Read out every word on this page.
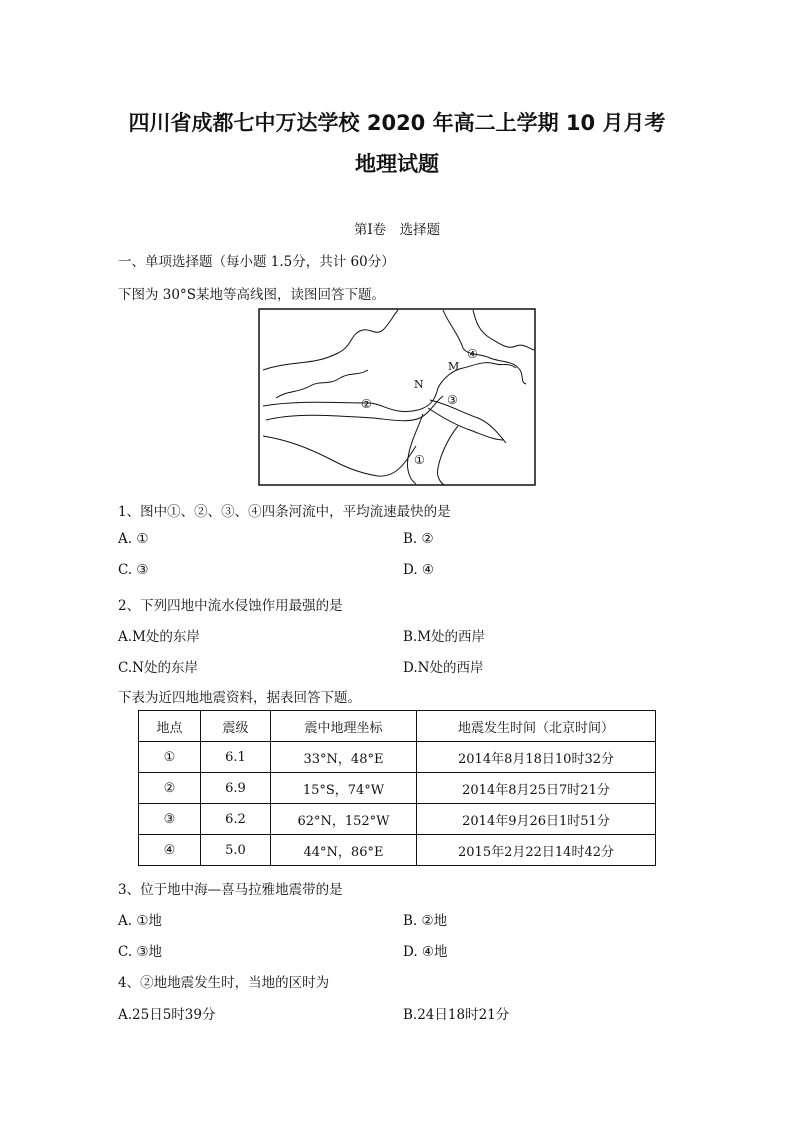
四川省成都七中万达学校 2020 年高二上学期 10 月月考
地理试题
第Ⅰ卷　选择题
一、单项选择题（每小题 1.5分，共计 60分）
下图为 30°S某地等高线图，读图回答下题。
M
N
①
②	③
④
1、图中①、②、③、④四条河流中，平均流速最快的是
A. ①	B. ②
C. ③	D. ④
2、下列四地中流水侵蚀作用最强的是
A.M处的东岸	B.M处的西岸
C.N处的东岸	D.N处的西岸
下表为近四地地震资料，据表回答下题。
地点	震级	震中地理坐标	地震发生时间（北京时间）
①	6.1	33°N，48°E	2014年8月18日10时32分
②	6.9	15°S，74°W	2014年8月25日7时21分
③	6.2	62°N，152°W	2014年9月26日1时51分
④	5.0	44°N，86°E	2015年2月22日14时42分
3、位于地中海—喜马拉雅地震带的是
A. ①地	B. ②地
C. ③地	D. ④地
4、②地地震发生时，当地的区时为
A.25日5时39分	B.24日18时21分
